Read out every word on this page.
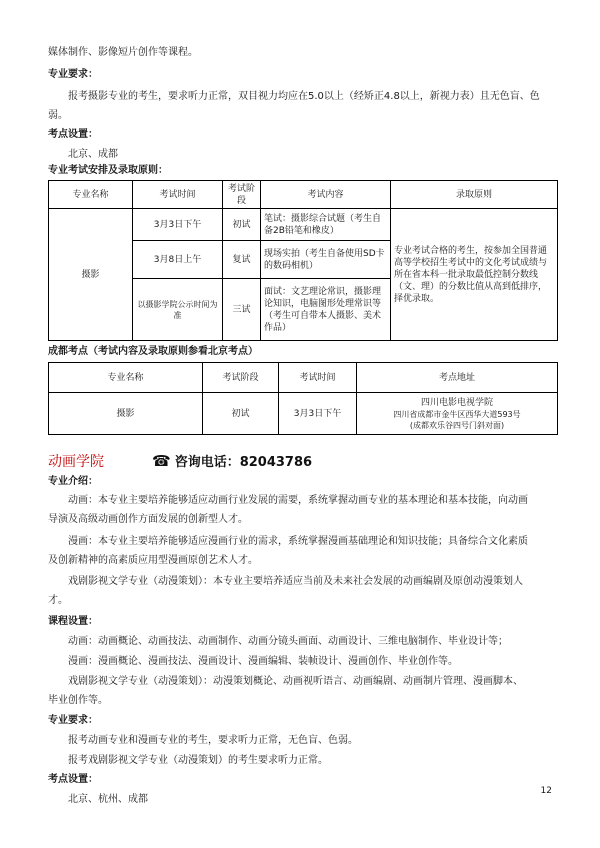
媒体制作、影像短片创作等课程。
专业要求：
报考摄影专业的考生，要求听力正常，双目视力均应在5.0以上（经矫正4.8以上，新视力表）且无色盲、色
弱。
考点设置：
北京、成都
专业考试安排及录取原则：
专业名称	考试时间	考试阶段	考试内容	录取原则
摄影	3月3日下午	初试	笔试：摄影综合试题（考生自备2B铅笔和橡皮）	专业考试合格的考生，按参加全国普通高等学校招生考试中的文化考试成绩与所在省本科一批录取最低控制分数线（文、理）的分数比值从高到低排序，择优录取。
	3月8日上午	复试	现场实拍（考生自备使用SD卡的数码相机）	
	以摄影学院公示时间为准	三试	面试：文艺理论常识，摄影理论知识，电脑图形处理常识等（考生可自带本人摄影、美术作品）	
成都考点（考试内容及录取原则参看北京考点）
专业名称	考试阶段	考试时间	考点地址
摄影	初试	3月3日下午	四川电影电视学院
四川省成都市金牛区西华大道593号
(成都欢乐谷四号门斜对面)
动画学院	☎ 咨询电话：82043786
专业介绍：
动画：本专业主要培养能够适应动画行业发展的需要，系统掌握动画专业的基本理论和基本技能，向动画
导演及高级动画创作方面发展的创新型人才。
漫画：本专业主要培养能够适应漫画行业的需求，系统掌握漫画基础理论和知识技能；具备综合文化素质
及创新精神的高素质应用型漫画原创艺术人才。
戏剧影视文学专业（动漫策划）：本专业主要培养适应当前及未来社会发展的动画编剧及原创动漫策划人
才。
课程设置：
动画：动画概论、动画技法、动画制作、动画分镜头画面、动画设计、三维电脑制作、毕业设计等；
漫画：漫画概论、漫画技法、漫画设计、漫画编辑、装帧设计、漫画创作、毕业创作等。
戏剧影视文学专业（动漫策划）：动漫策划概论、动画视听语言、动画编剧、动画制片管理、漫画脚本、
毕业创作等。
专业要求：
报考动画专业和漫画专业的考生，要求听力正常，无色盲、色弱。
报考戏剧影视文学专业（动漫策划）的考生要求听力正常。
考点设置：
北京、杭州、成都
12
